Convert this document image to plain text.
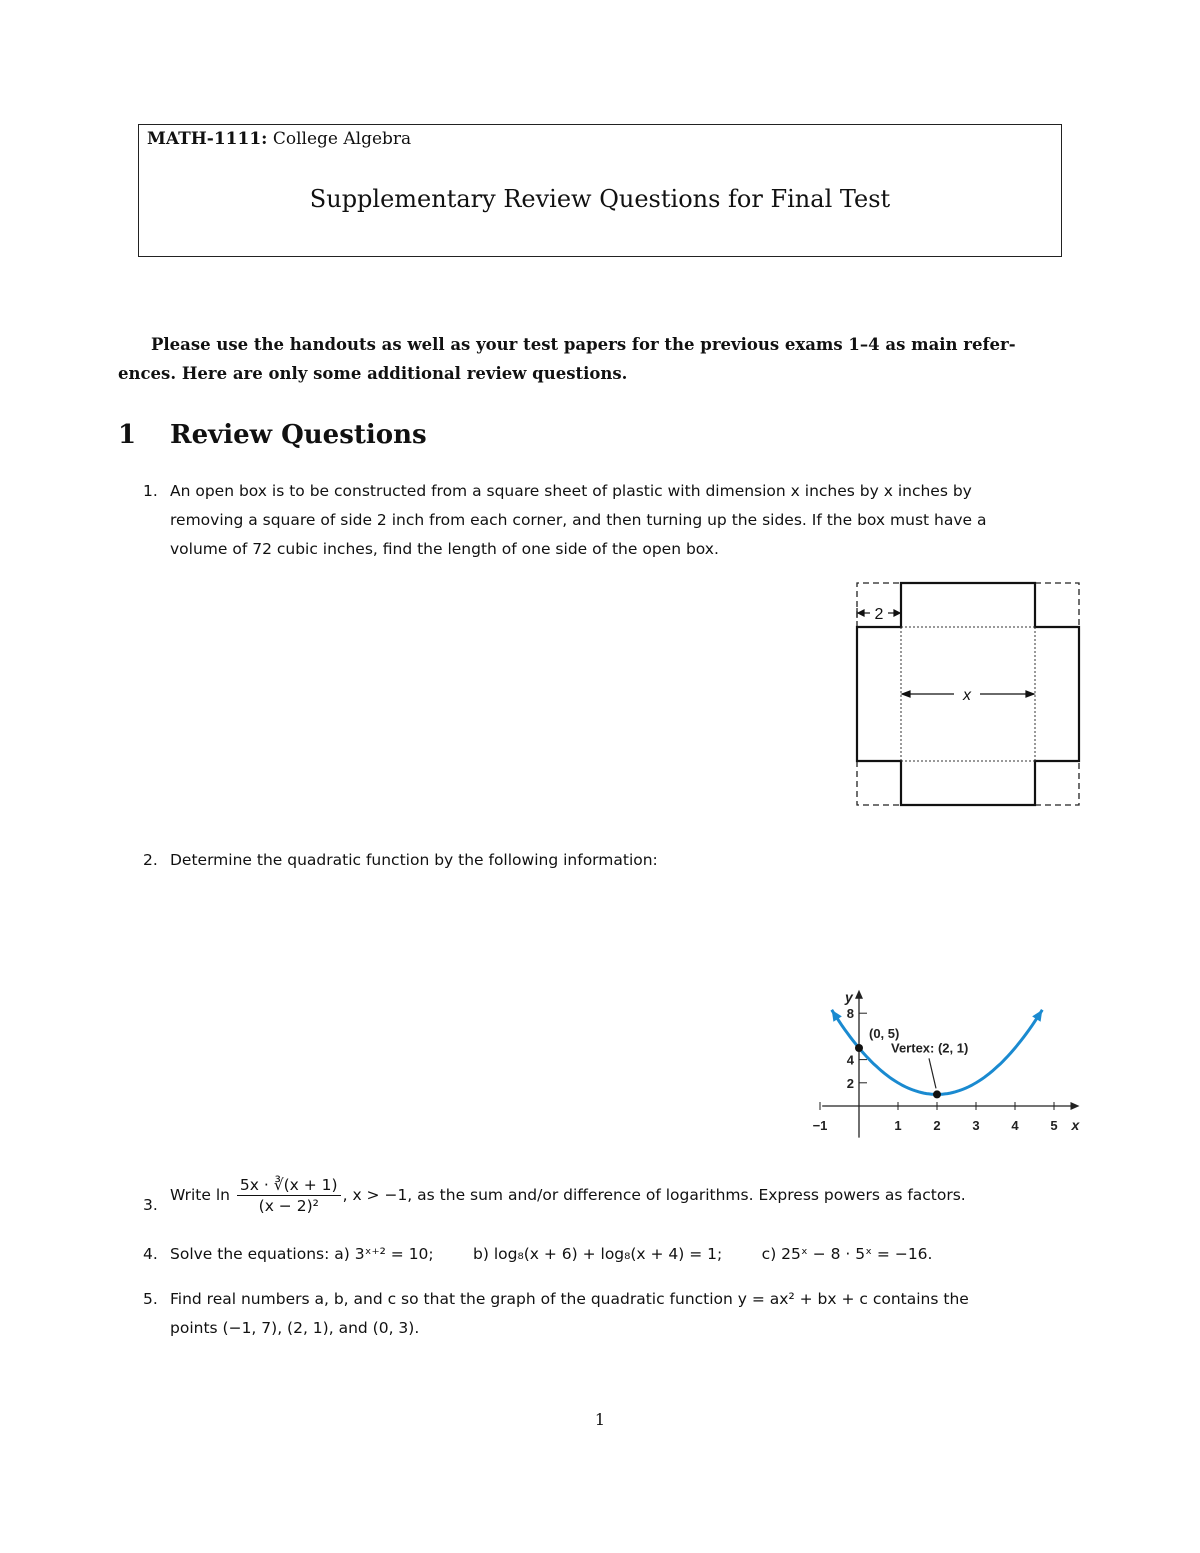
MATH-1111: College Algebra
Supplementary Review Questions for Final Test
Please use the handouts as well as your test papers for the previous exams 1–4 as main refer-
ences. Here are only some additional review questions.
1 Review Questions
1. An open box is to be constructed from a square sheet of plastic with dimension x inches by x inches by
removing a square of side 2 inch from each corner, and then turning up the sides. If the box must have a
volume of 72 cubic inches, find the length of one side of the open box.
2
x
2. Determine the quadratic function by the following information:
−1	1 2 3 4 5
2
4
8
x
y
(0, 5)
Vertex: (2, 1)
3.
Write $\ln \frac{5x \cdot ∛(x + 1)}{\text{(x − 2)²}}$ , x > −1, as the sum and/or difference of logarithms. Express powers as factors.
4. Solve the equations: a) 3ˣ⁺² = 10;        b) log₈(x + 6) + log₈(x + 4) = 1;        c) 25ˣ − 8 · 5ˣ = −16.
5. Find real numbers a, b, and c so that the graph of the quadratic function y = ax² + bx + c contains the
points (−1, 7), (2, 1), and (0, 3).
1
